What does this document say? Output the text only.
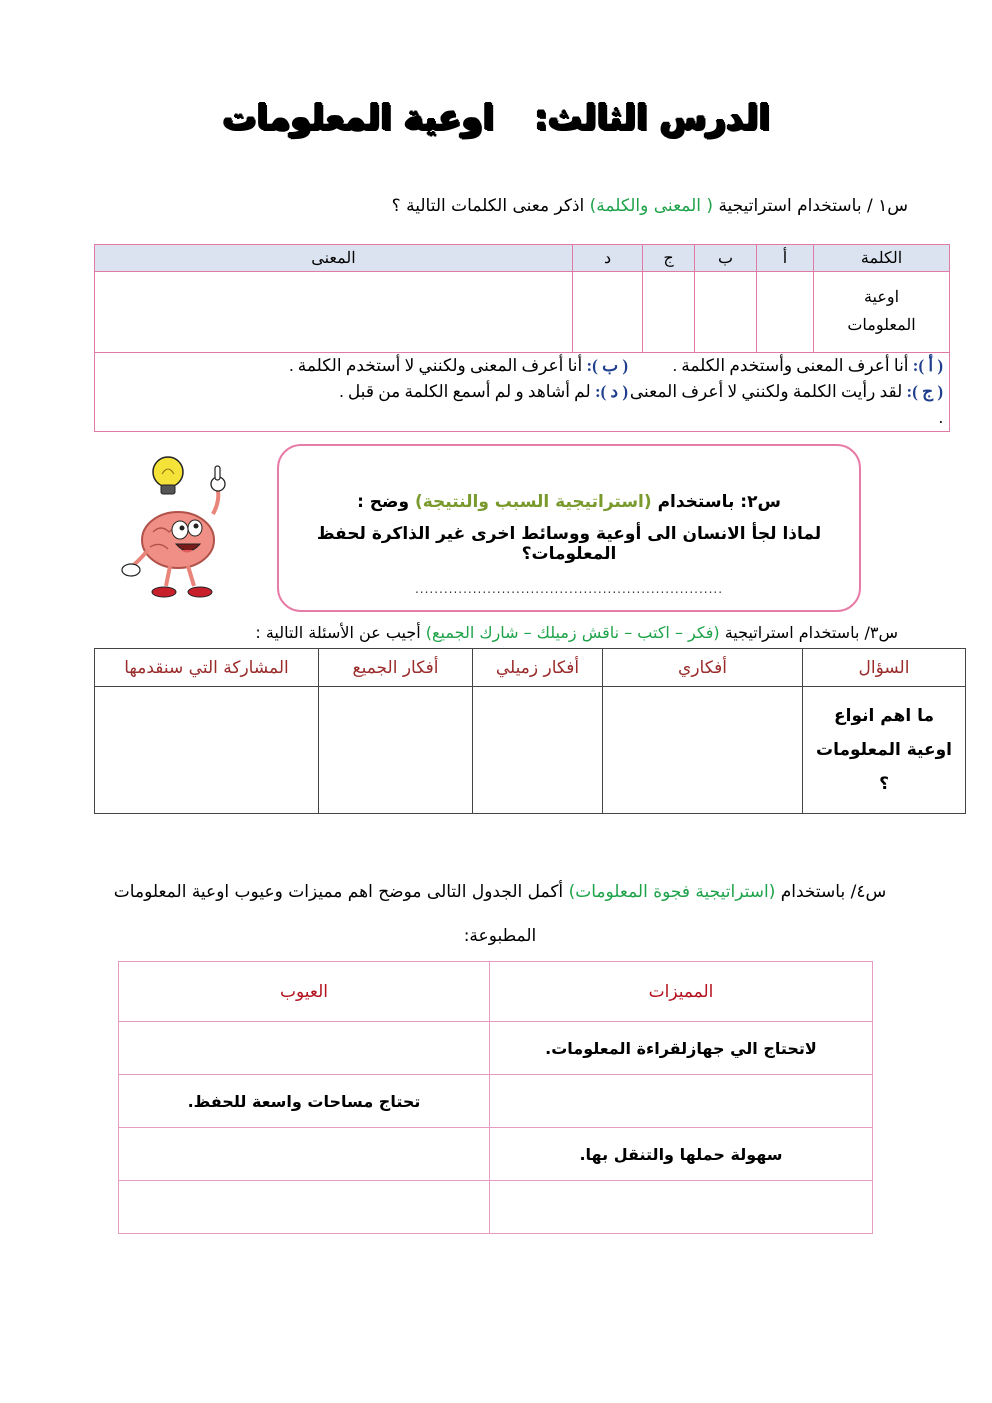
الدرس الثالث:اوعية المعلومات
س١ / باستخدام استراتيجية ( المعنى والكلمة) اذكر معنى الكلمات التالية ؟
الكلمة	أ	ب	ج	د	المعنى
اوعية المعلومات					

( أ ): أنا أعرف المعنى وأستخدم الكلمة .
( ب ): أنا أعرف المعنى ولكنني لا أستخدم الكلمة .
( ج ): لقد رأيت الكلمة ولكنني لا أعرف المعنى .
( د ): لم أشاهد و لم أسمع الكلمة من قبل .					
س٢: باستخدام (استراتيجية السبب والنتيجة) وضح :
لماذا لجأ الانسان الى أوعية ووسائط اخرى غير الذاكرة لحفظ المعلومات؟
................................................................
س٣/ باستخدام استراتيجية (فكر – اكتب – ناقش زميلك – شارك الجميع) أجيب عن الأسئلة التالية :
السؤال	أفكاري	أفكار زميلي	أفكار الجميع	المشاركة التي سنقدمها
ما اهم انواع اوعية المعلومات ؟				
س٤/ باستخدام (استراتيجية فجوة المعلومات) أكمل الجدول التالى موضح اهم مميزات وعيوب اوعية المعلومات المطبوعة:
المميزات	العيوب
لاتحتاج الي جهازلقراءة المعلومات.	
	تحتاج مساحات واسعة للحفظ.
سهولة حملها والتنقل بها.	
